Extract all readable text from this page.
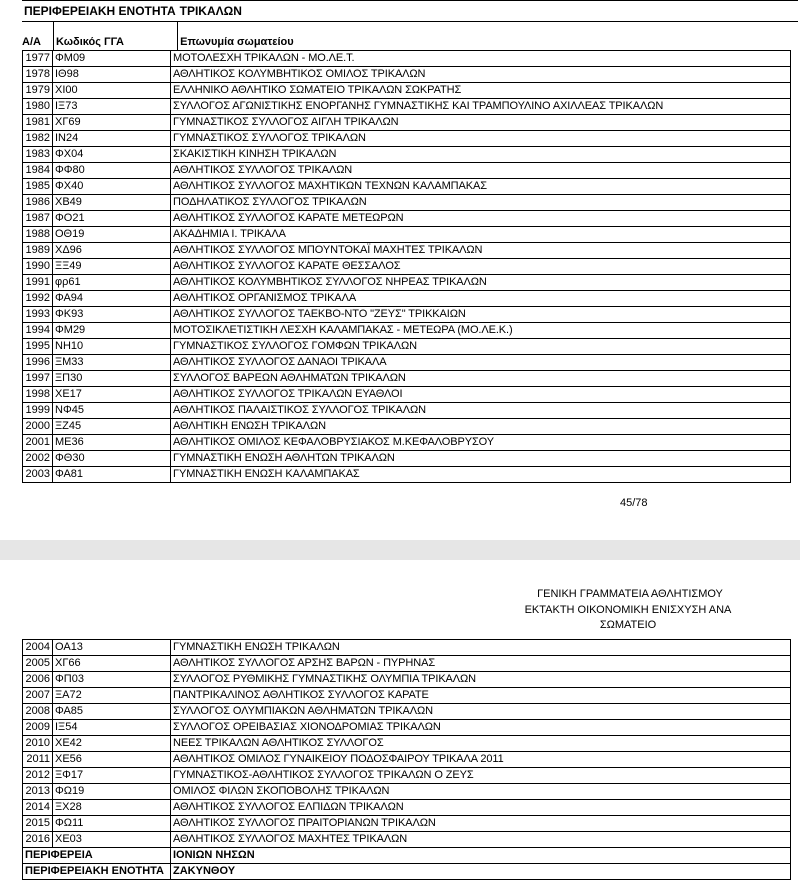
ΠΕΡΙΦΕΡΕΙΑΚΗ ΕΝΟΤΗΤΑ		ΤΡΙΚΑΛΩΝ

Α/Α	Κωδικός ΓΓΑ	Επωνυμία σωματείου
1977	ΦΜ09	ΜΟΤΟΛΕΣΧΗ ΤΡΙΚΑΛΩΝ - ΜΟ.ΛΕ.Τ.
1978	ΙΘ98	ΑΘΛΗΤΙΚΟΣ ΚΟΛΥΜΒΗΤΙΚΟΣ ΟΜΙΛΟΣ ΤΡΙΚΑΛΩΝ
1979	ΧΙ00	ΕΛΛΗΝΙΚΟ ΑΘΛΗΤΙΚΟ ΣΩΜΑΤΕΙΟ ΤΡΙΚΑΛΩΝ ΣΩΚΡΑΤΗΣ
1980	ΙΞ73	ΣΥΛΛΟΓΟΣ ΑΓΩΝΙΣΤΙΚΗΣ ΕΝΟΡΓΑΝΗΣ ΓΥΜΝΑΣΤΙΚΗΣ ΚΑΙ ΤΡΑΜΠΟΥΛΙΝΟ ΑΧΙΛΛΕΑΣ ΤΡΙΚΑΛΩΝ
1981	ΧΓ69	ΓΥΜΝΑΣΤΙΚΟΣ ΣΥΛΛΟΓΟΣ ΑΙΓΛΗ ΤΡΙΚΑΛΩΝ
1982	ΙΝ24	ΓΥΜΝΑΣΤΙΚΟΣ ΣΥΛΛΟΓΟΣ ΤΡΙΚΑΛΩΝ
1983	ΦΧ04	ΣΚΑΚΙΣΤΙΚΗ ΚΙΝΗΣΗ ΤΡΙΚΑΛΩΝ
1984	ΦΦ80	ΑΘΛΗΤΙΚΟΣ ΣΥΛΛΟΓΟΣ ΤΡΙΚΑΛΩΝ
1985	ΦΧ40	ΑΘΛΗΤΙΚΟΣ ΣΥΛΛΟΓΟΣ ΜΑΧΗΤΙΚΩΝ ΤΕΧΝΩΝ ΚΑΛΑΜΠΑΚΑΣ
1986	ΧΒ49	ΠΟΔΗΛΑΤΙΚΟΣ ΣΥΛΛΟΓΟΣ ΤΡΙΚΑΛΩΝ
1987	ΦΟ21	ΑΘΛΗΤΙΚΟΣ ΣΥΛΛΟΓΟΣ ΚΑΡΑΤΕ ΜΕΤΕΩΡΩΝ
1988	ΟΘ19	ΑΚΑΔΗΜΙΑ Ι. ΤΡΙΚΑΛΑ
1989	ΧΔ96	ΑΘΛΗΤΙΚΟΣ ΣΥΛΛΟΓΟΣ ΜΠΟΥΝΤΟΚΑΪ ΜΑΧΗΤΕΣ ΤΡΙΚΑΛΩΝ
1990	ΞΞ49	ΑΘΛΗΤΙΚΟΣ ΣΥΛΛΟΓΟΣ ΚΑΡΑΤΕ ΘΕΣΣΑΛΟΣ
1991	φρ61	ΑΘΛΗΤΙΚΟΣ ΚΟΛΥΜΒΗΤΙΚΟΣ ΣΥΛΛΟΓΟΣ ΝΗΡΕΑΣ ΤΡΙΚΑΛΩΝ
1992	ΦΑ94	ΑΘΛΗΤΙΚΟΣ ΟΡΓΑΝΙΣΜΟΣ ΤΡΙΚΑΛΑ
1993	ΦΚ93	ΑΘΛΗΤΙΚΟΣ ΣΥΛΛΟΓΟΣ ΤΑΕΚΒΟ-ΝΤΟ "ΖΕΥΣ" ΤΡΙΚΚΑΙΩΝ
1994	ΦΜ29	ΜΟΤΟΣΙΚΛΕΤΙΣΤΙΚΗ ΛΕΣΧΗ ΚΑΛΑΜΠΑΚΑΣ - ΜΕΤΕΩΡΑ (ΜΟ.ΛΕ.Κ.)
1995	ΝΗ10	ΓΥΜΝΑΣΤΙΚΟΣ ΣΥΛΛΟΓΟΣ ΓΟΜΦΩΝ ΤΡΙΚΑΛΩΝ
1996	ΞΜ33	ΑΘΛΗΤΙΚΟΣ ΣΥΛΛΟΓΟΣ ΔΑΝΑΟΙ ΤΡΙΚΑΛΑ
1997	ΞΠ30	ΣΥΛΛΟΓΟΣ ΒΑΡΕΩΝ ΑΘΛΗΜΑΤΩΝ ΤΡΙΚΑΛΩΝ
1998	ΧΕ17	ΑΘΛΗΤΙΚΟΣ ΣΥΛΛΟΓΟΣ ΤΡΙΚΑΛΩΝ ΕΥΑΘΛΟΙ
1999	ΝΦ45	ΑΘΛΗΤΙΚΟΣ ΠΑΛΑΙΣΤΙΚΟΣ ΣΥΛΛΟΓΟΣ ΤΡΙΚΑΛΩΝ
2000	ΞΖ45	ΑΘΛΗΤΙΚΗ ΕΝΩΣΗ ΤΡΙΚΑΛΩΝ
2001	ΜΕ36	ΑΘΛΗΤΙΚΟΣ ΟΜΙΛΟΣ ΚΕΦΑΛΟΒΡΥΣΙΑΚΟΣ Μ.ΚΕΦΑΛΟΒΡΥΣΟΥ
2002	ΦΘ30	ΓΥΜΝΑΣΤΙΚΗ ΕΝΩΣΗ ΑΘΛΗΤΩΝ ΤΡΙΚΑΛΩΝ
2003	ΦΑ81	ΓΥΜΝΑΣΤΙΚΗ ΕΝΩΣΗ ΚΑΛΑΜΠΑΚΑΣ
45/78
ΓΕΝΙΚΗ ΓΡΑΜΜΑΤΕΙΑ ΑΘΛΗΤΙΣΜΟΥ
ΕΚΤΑΚΤΗ ΟΙΚΟΝΟΜΙΚΗ ΕΝΙΣΧΥΣΗ ΑΝΑ ΣΩΜΑΤΕΙΟ
2004	ΟΑ13	ΓΥΜΝΑΣΤΙΚΗ ΕΝΩΣΗ ΤΡΙΚΑΛΩΝ
2005	ΧΓ66	ΑΘΛΗΤΙΚΟΣ ΣΥΛΛΟΓΟΣ ΑΡΣΗΣ ΒΑΡΩΝ - ΠΥΡΗΝΑΣ
2006	ΦΠ03	ΣΥΛΛΟΓΟΣ ΡΥΘΜΙΚΗΣ ΓΥΜΝΑΣΤΙΚΗΣ ΟΛΥΜΠΙΑ ΤΡΙΚΑΛΩΝ
2007	ΞΑ72	ΠΑΝΤΡΙΚΑΛΙΝΟΣ ΑΘΛΗΤΙΚΟΣ ΣΥΛΛΟΓΟΣ ΚΑΡΑΤΕ
2008	ΦΑ85	ΣΥΛΛΟΓΟΣ ΟΛΥΜΠΙΑΚΩΝ ΑΘΛΗΜΑΤΩΝ ΤΡΙΚΑΛΩΝ
2009	ΙΞ54	ΣΥΛΛΟΓΟΣ ΟΡΕΙΒΑΣΙΑΣ ΧΙΟΝΟΔΡΟΜΙΑΣ ΤΡΙΚΑΛΩΝ
2010	ΧΕ42	ΝΕΕΣ ΤΡΙΚΑΛΩΝ ΑΘΛΗΤΙΚΟΣ ΣΥΛΛΟΓΟΣ
2011	ΧΕ56	ΑΘΛΗΤΙΚΟΣ ΟΜΙΛΟΣ ΓΥΝΑΙΚΕΙΟΥ ΠΟΔΟΣΦΑΙΡΟΥ ΤΡΙΚΑΛΑ 2011
2012	ΞΦ17	ΓΥΜΝΑΣΤΙΚΟΣ-ΑΘΛΗΤΙΚΟΣ ΣΥΛΛΟΓΟΣ ΤΡΙΚΑΛΩΝ Ο ΖΕΥΣ
2013	ΦΩ19	ΟΜΙΛΟΣ ΦΙΛΩΝ ΣΚΟΠΟΒΟΛΗΣ ΤΡΙΚΑΛΩΝ
2014	ΞΧ28	ΑΘΛΗΤΙΚΟΣ ΣΥΛΛΟΓΟΣ ΕΛΠΙΔΩΝ ΤΡΙΚΑΛΩΝ
2015	ΦΩ11	ΑΘΛΗΤΙΚΟΣ ΣΥΛΛΟΓΟΣ ΠΡΑΙΤΟΡΙΑΝΩΝ ΤΡΙΚΑΛΩΝ
2016	ΧΕ03	ΑΘΛΗΤΙΚΟΣ ΣΥΛΛΟΓΟΣ ΜΑΧΗΤΕΣ ΤΡΙΚΑΛΩΝ
ΠΕΡΙΦΕΡΕΙΑ		ΙΟΝΙΩΝ ΝΗΣΩΝ
ΠΕΡΙΦΕΡΕΙΑΚΗ ΕΝΟΤΗΤΑ		ΖΑΚΥΝΘΟΥ
